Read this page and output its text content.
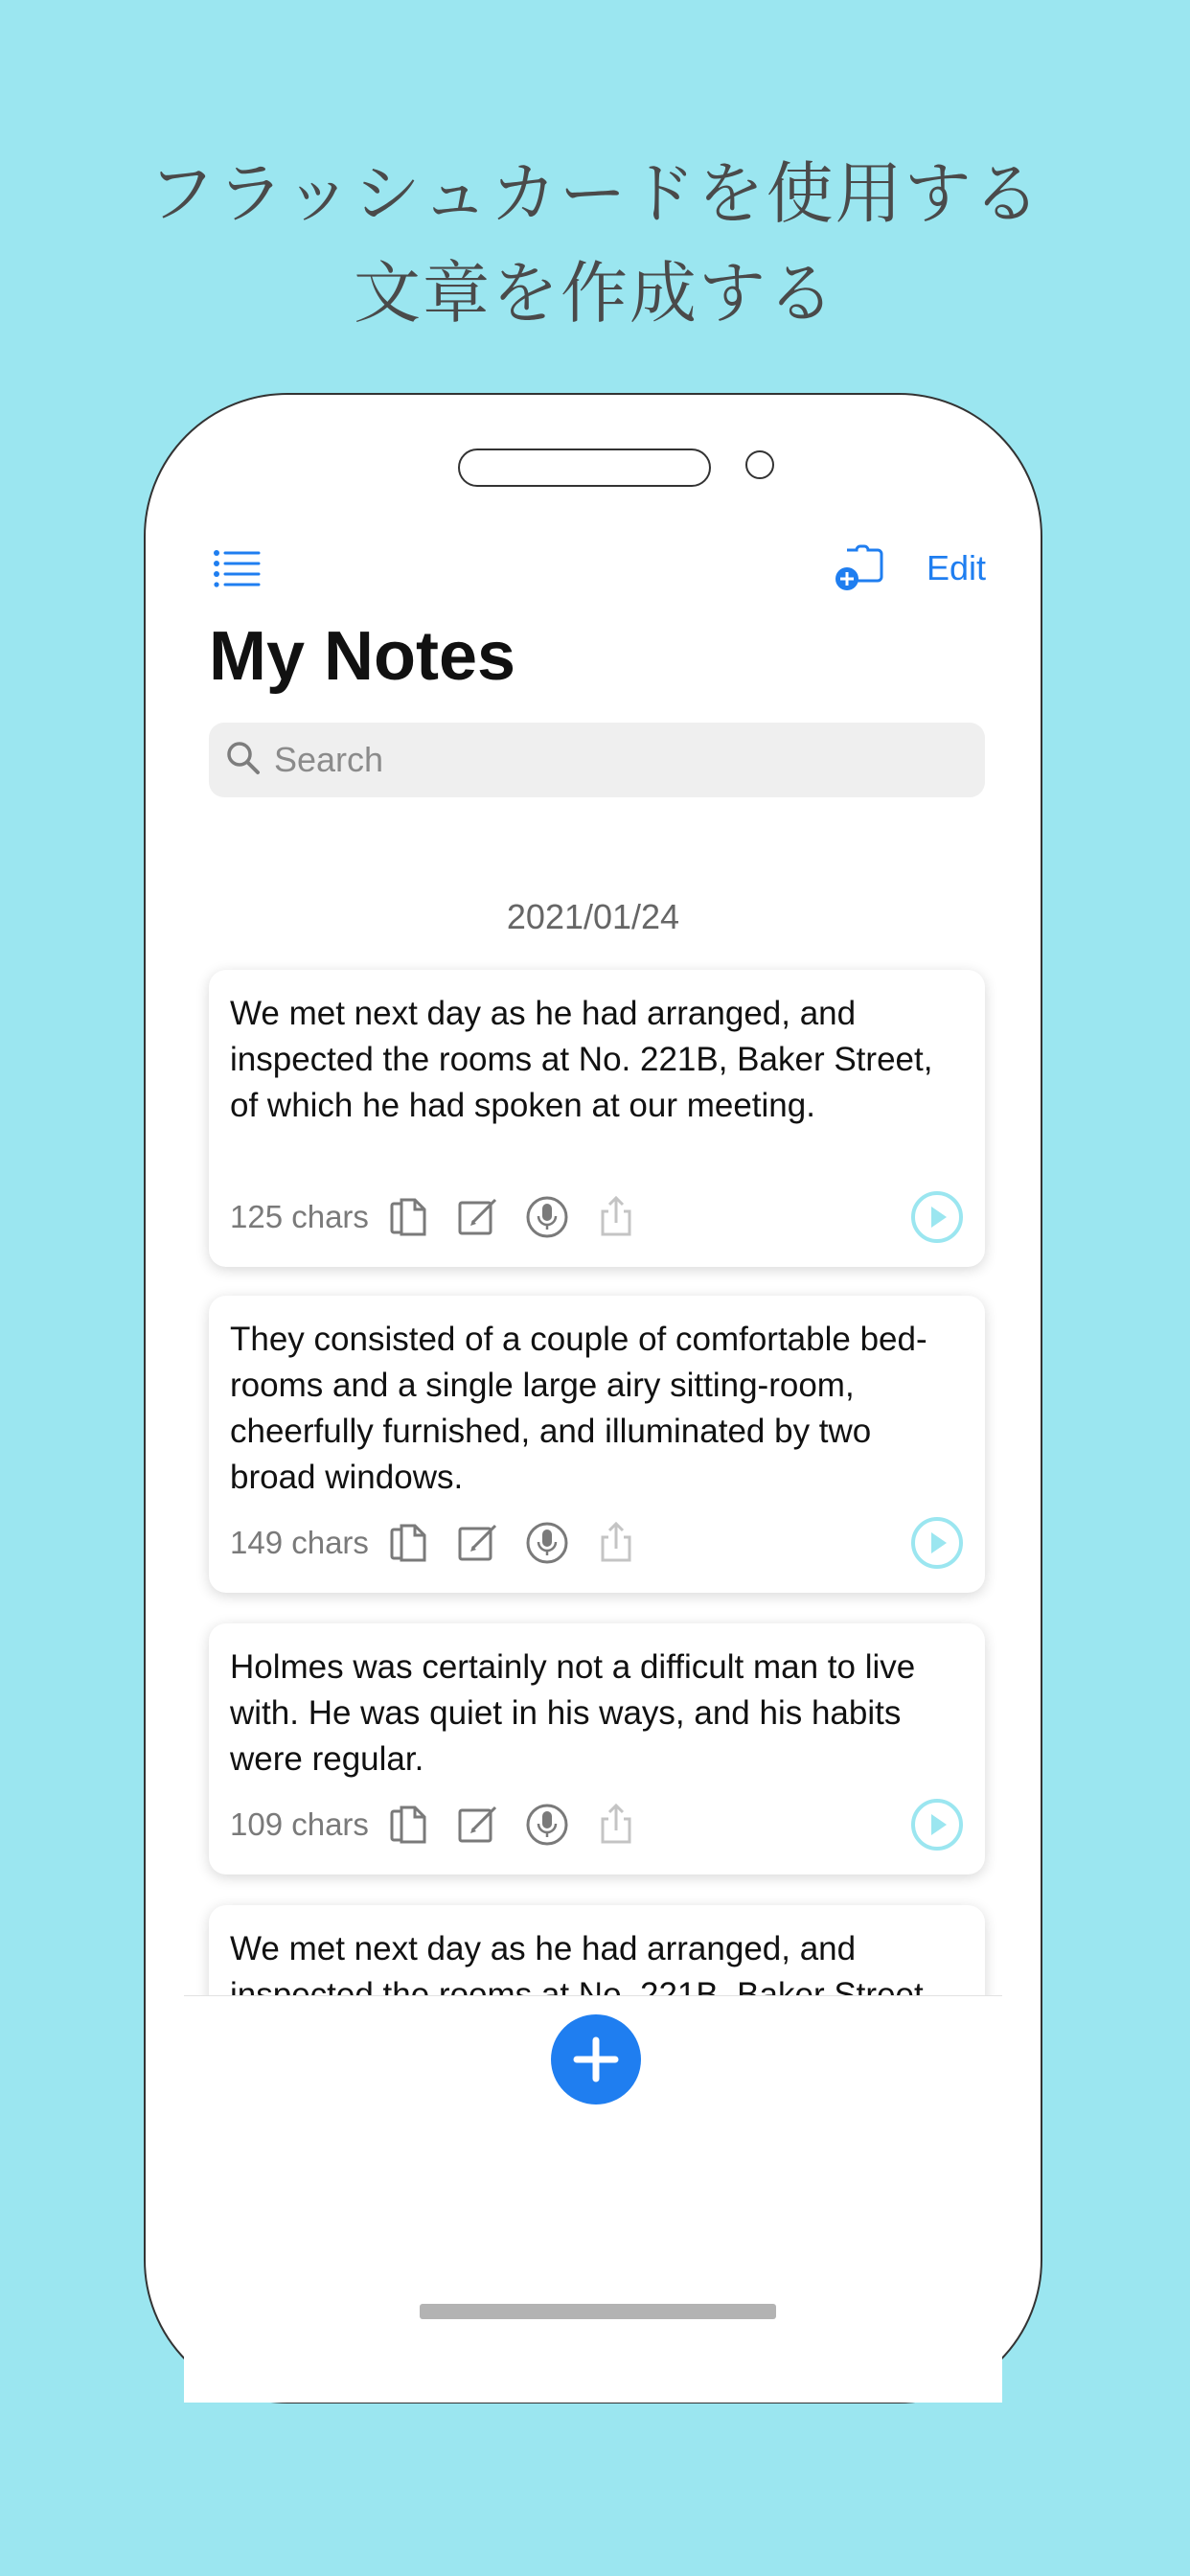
フラッシュカードを使用する
文章を作成する
Edit
My Notes
Search
2021/01/24
We met next day as he had arranged, and inspected the rooms at No. 221B, Baker Street, of which he had spoken at our meeting.
125 chars
They consisted of a couple of comfortable bed-rooms and a single large airy sitting-room, cheerfully furnished, and illuminated by two broad windows.
149 chars
Holmes was certainly not a difficult man to live with. He was quiet in his ways, and his habits were regular.
109 chars
We met next day as he had arranged, and
